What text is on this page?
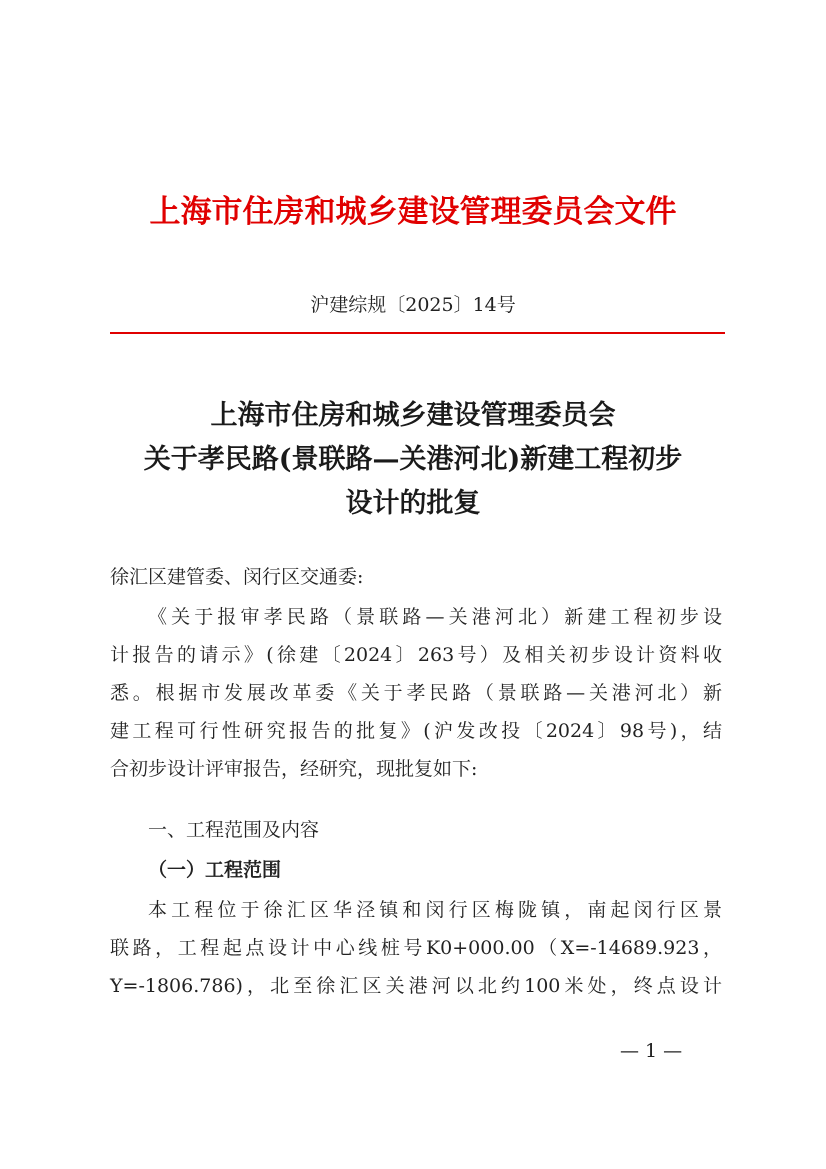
上海市住房和城乡建设管理委员会文件
沪建综规〔2025〕14号
上海市住房和城乡建设管理委员会
关于孝民路(景联路—关港河北)新建工程初步
设计的批复
徐汇区建管委、闵行区交通委:
《关于报审孝民路（景联路—关港河北）新建工程初步设
计报告的请示》(徐建〔2024〕263号）及相关初步设计资料收
悉。根据市发展改革委《关于孝民路（景联路—关港河北）新
建工程可行性研究报告的批复》(沪发改投〔2024〕98号)，结
合初步设计评审报告，经研究，现批复如下:
一、工程范围及内容
（一）工程范围
本工程位于徐汇区华泾镇和闵行区梅陇镇，南起闵行区景
联路，工程起点设计中心线桩号K0+000.00（X=-14689.923，
Y=-1806.786)，北至徐汇区关港河以北约100米处，终点设计
— 1 —
